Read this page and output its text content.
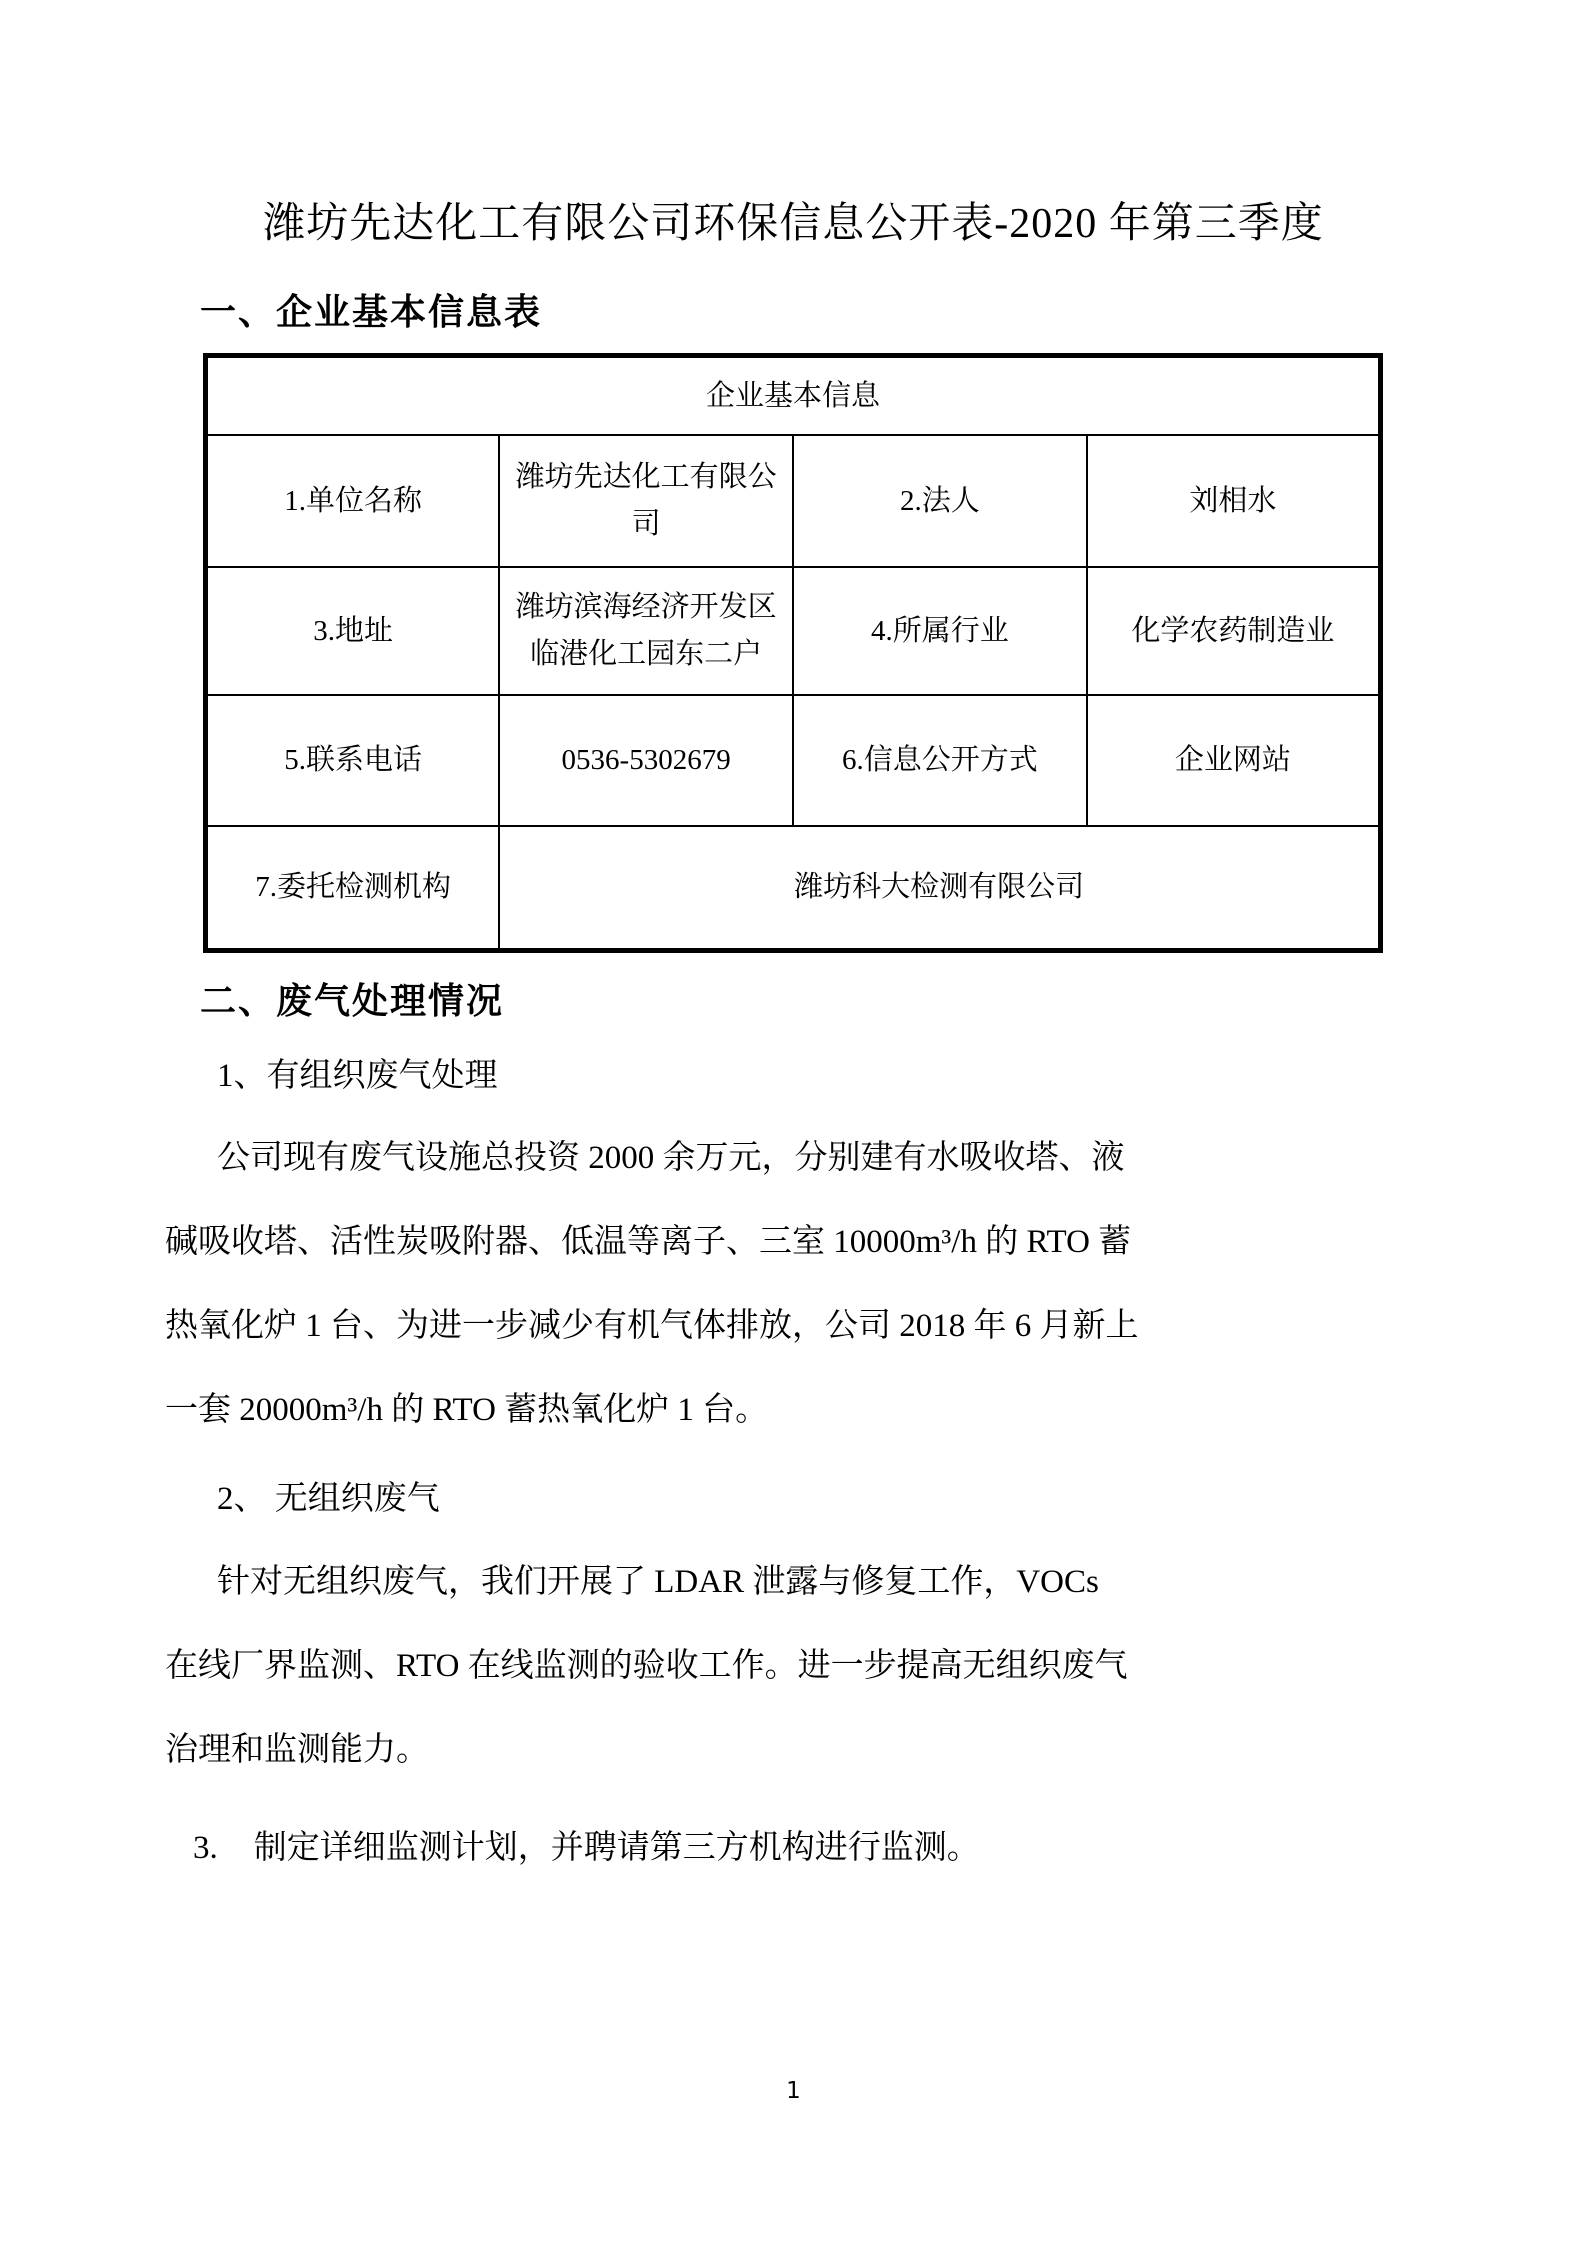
潍坊先达化工有限公司环保信息公开表-2020 年第三季度
一、企业基本信息表
企业基本信息			
1.单位名称	潍坊先达化工有限公司	2.法人	刘相水
3.地址	潍坊滨海经济开发区临港化工园东二户	4.所属行业	化学农药制造业
5.联系电话	0536-5302679	6.信息公开方式	企业网站
7.委托检测机构	潍坊科大检测有限公司		
二、废气处理情况
1、有组织废气处理

公司现有废气设施总投资 2000 余万元，分别建有水吸收塔、液

碱吸收塔、活性炭吸附器、低温等离子、三室 10000m³/h 的 RTO 蓄

热氧化炉 1 台、为进一步减少有机气体排放，公司 2018 年 6 月新上

一套 20000m³/h 的 RTO 蓄热氧化炉 1 台。

2、 无组织废气

针对无组织废气，我们开展了 LDAR 泄露与修复工作，VOCs

在线厂界监测、RTO 在线监测的验收工作。进一步提高无组织废气

治理和监测能力。

3. 制定详细监测计划，并聘请第三方机构进行监测。
1
